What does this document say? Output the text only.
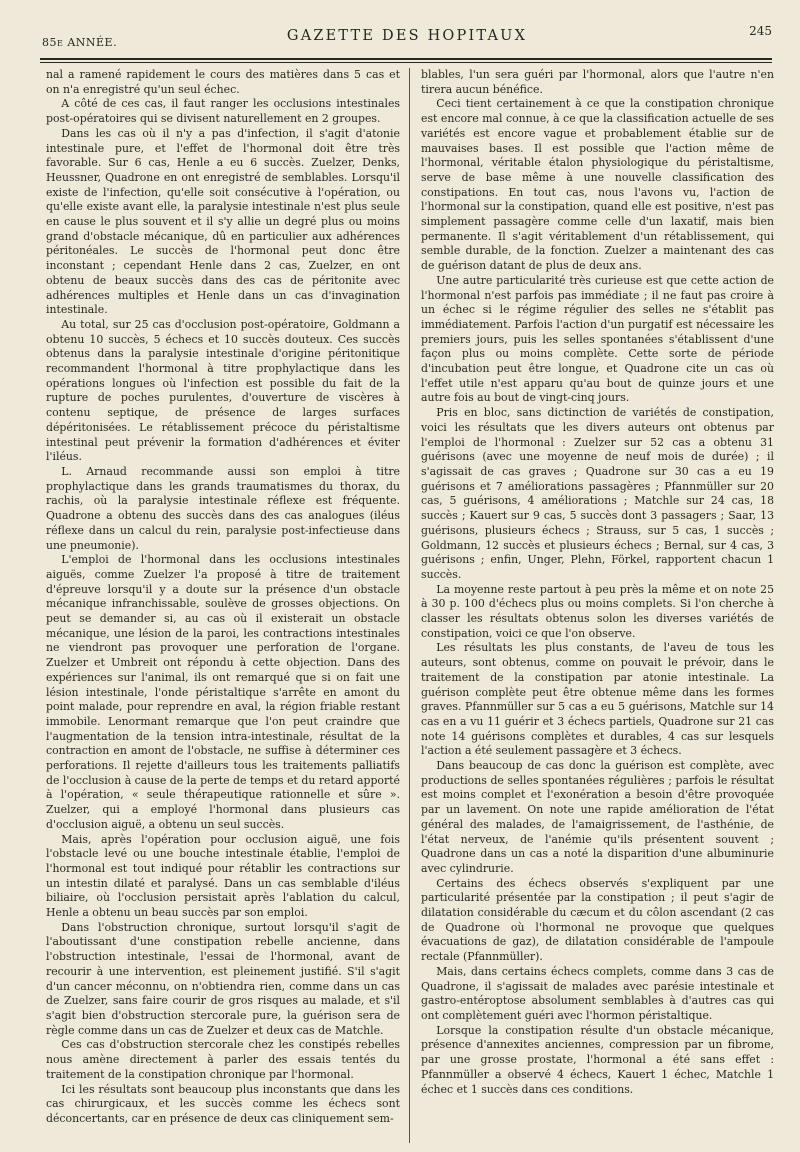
85e ANNÉE.	GAZETTE DES HOPITAUX	245

nal a ramené rapidement le cours des matières dans 5 cas et on n'a enregistré qu'un seul échec.

A côté de ces cas, il faut ranger les occlusions intestinales post-opératoires qui se divisent naturellement en 2 groupes.

Dans les cas où il n'y a pas d'infection, il s'agit d'atonie intestinale pure, et l'effet de l'hormonal doit être très favorable. Sur 6 cas, Henle a eu 6 succès. Zuelzer, Denks, Heussner, Quadrone en ont enregistré de semblables. Lorsqu'il existe de l'infection, qu'elle soit consécutive à l'opération, ou qu'elle existe avant elle, la paralysie intestinale n'est plus seule en cause le plus souvent et il s'y allie un degré plus ou moins grand d'obstacle mécanique, dû en particulier aux adhérences péritonéales. Le succès de l'hormonal peut donc être inconstant ; cependant Henle dans 2 cas, Zuelzer, en ont obtenu de beaux succès dans des cas de péritonite avec adhérences multiples et Henle dans un cas d'invagination intestinale.

Au total, sur 25 cas d'occlusion post-opératoire, Goldmann a obtenu 10 succès, 5 échecs et 10 succès douteux. Ces succès obtenus dans la paralysie intestinale d'origine péritonitique recommandent l'hormonal à titre prophylactique dans les opérations longues où l'infection est possible du fait de la rupture de poches purulentes, d'ouverture de viscères à contenu septique, de présence de larges surfaces dépéritonisées. Le rétablissement précoce du péristaltisme intestinal peut prévenir la formation d'adhérences et éviter l'iléus.

L. Arnaud recommande aussi son emploi à titre prophylactique dans les grands traumatismes du thorax, du rachis, où la paralysie intestinale réflexe est fréquente. Quadrone a obtenu des succès dans des cas analogues (iléus réflexe dans un calcul du rein, paralysie post-infectieuse dans une pneumonie).

L'emploi de l'hormonal dans les occlusions intestinales aiguës, comme Zuelzer l'a proposé à titre de traitement d'épreuve lorsqu'il y a doute sur la présence d'un obstacle mécanique infranchissable, soulève de grosses objections. On peut se demander si, au cas où il existerait un obstacle mécanique, une lésion de la paroi, les contractions intestinales ne viendront pas provoquer une perforation de l'organe. Zuelzer et Umbreit ont répondu à cette objection. Dans des expériences sur l'animal, ils ont remarqué que si on fait une lésion intestinale, l'onde péristaltique s'arrête en amont du point malade, pour reprendre en aval, la région friable restant immobile. Lenormant remarque que l'on peut craindre que l'augmentation de la tension intra-intestinale, résultat de la contraction en amont de l'obstacle, ne suffise à déterminer ces perforations. Il rejette d'ailleurs tous les traitements palliatifs de l'occlusion à cause de la perte de temps et du retard apporté à l'opération, « seule thérapeutique rationnelle et sûre ». Zuelzer, qui a employé l'hormonal dans plusieurs cas d'occlusion aiguë, a obtenu un seul succès.

Mais, après l'opération pour occlusion aiguë, une fois l'obstacle levé ou une bouche intestinale établie, l'emploi de l'hormonal est tout indiqué pour rétablir les contractions sur un intestin dilaté et paralysé. Dans un cas semblable d'iléus biliaire, où l'occlusion persistait après l'ablation du calcul, Henle a obtenu un beau succès par son emploi.

Dans l'obstruction chronique, surtout lorsqu'il s'agit de l'aboutissant d'une constipation rebelle ancienne, dans l'obstruction intestinale, l'essai de l'hormonal, avant de recourir à une intervention, est pleinement justifié. S'il s'agit d'un cancer méconnu, on n'obtiendra rien, comme dans un cas de Zuelzer, sans faire courir de gros risques au malade, et s'il s'agit bien d'obstruction stercorale pure, la guérison sera de règle comme dans un cas de Zuelzer et deux cas de Matchle.

Ces cas d'obstruction stercorale chez les constipés rebelles nous amène directement à parler des essais tentés du traitement de la constipation chronique par l'hormonal.

Ici les résultats sont beaucoup plus inconstants que dans les cas chirurgicaux, et les succès comme les échecs sont déconcertants, car en présence de deux cas cliniquement sem-

blables, l'un sera guéri par l'hormonal, alors que l'autre n'en tirera aucun bénéfice.

Ceci tient certainement à ce que la constipation chronique est encore mal connue, à ce que la classification actuelle de ses variétés est encore vague et probablement établie sur de mauvaises bases. Il est possible que l'action même de l'hormonal, véritable étalon physiologique du péristaltisme, serve de base même à une nouvelle classification des constipations. En tout cas, nous l'avons vu, l'action de l'hormonal sur la constipation, quand elle est positive, n'est pas simplement passagère comme celle d'un laxatif, mais bien permanente. Il s'agit véritablement d'un rétablissement, qui semble durable, de la fonction. Zuelzer a maintenant des cas de guérison datant de plus de deux ans.

Une autre particularité très curieuse est que cette action de l'hormonal n'est parfois pas immédiate ; il ne faut pas croire à un échec si le régime régulier des selles ne s'établit pas immédiatement. Parfois l'action d'un purgatif est nécessaire les premiers jours, puis les selles spontanées s'établissent d'une façon plus ou moins complète. Cette sorte de période d'incubation peut être longue, et Quadrone cite un cas où l'effet utile n'est apparu qu'au bout de quinze jours et une autre fois au bout de vingt-cinq jours.

Pris en bloc, sans dictinction de variétés de constipation, voici les résultats que les divers auteurs ont obtenus par l'emploi de l'hormonal : Zuelzer sur 52 cas a obtenu 31 guérisons (avec une moyenne de neuf mois de durée) ; il s'agissait de cas graves ; Quadrone sur 30 cas a eu 19 guérisons et 7 améliorations passagères ; Pfannmüller sur 20 cas, 5 guérisons, 4 améliorations ; Matchle sur 24 cas, 18 succès ; Kauert sur 9 cas, 5 succès dont 3 passagers ; Saar, 13 guérisons, plusieurs échecs ; Strauss, sur 5 cas, 1 succès ; Goldmann, 12 succès et plusieurs échecs ; Bernal, sur 4 cas, 3 guérisons ; enfin, Unger, Plehn, Förkel, rapportent chacun 1 succès.

La moyenne reste partout à peu près la même et on note 25 à 30 p. 100 d'échecs plus ou moins complets. Si l'on cherche à classer les résultats obtenus solon les diverses variétés de constipation, voici ce que l'on observe.

Les résultats les plus constants, de l'aveu de tous les auteurs, sont obtenus, comme on pouvait le prévoir, dans le traitement de la constipation par atonie intestinale. La guérison complète peut être obtenue même dans les formes graves. Pfannmüller sur 5 cas a eu 5 guérisons, Matchle sur 14 cas en a vu 11 guérir et 3 échecs partiels, Quadrone sur 21 cas note 14 guérisons complètes et durables, 4 cas sur lesquels l'action a été seulement passagère et 3 échecs.

Dans beaucoup de cas donc la guérison est complète, avec productions de selles spontanées régulières ; parfois le résultat est moins complet et l'exonération a besoin d'être provoquée par un lavement. On note une rapide amélioration de l'état général des malades, de l'amaigrissement, de l'asthénie, de l'état nerveux, de l'anémie qu'ils présentent souvent ; Quadrone dans un cas a noté la disparition d'une albuminurie avec cylindrurie.

Certains des échecs observés s'expliquent par une particularité présentée par la constipation ; il peut s'agir de dilatation considérable du cæcum et du côlon ascendant (2 cas de Quadrone où l'hormonal ne provoque que quelques évacuations de gaz), de dilatation considérable de l'ampoule rectale (Pfannmüller).

Mais, dans certains échecs complets, comme dans 3 cas de Quadrone, il s'agissait de malades avec parésie intestinale et gastro-entéroptose absolument semblables à d'autres cas qui ont complètement guéri avec l'hormon péristaltique.

Lorsque la constipation résulte d'un obstacle mécanique, présence d'annexites anciennes, compression par un fibrome, par une grosse prostate, l'hormonal a été sans effet : Pfannmüller a observé 4 échecs, Kauert 1 échec, Matchle 1 échec et 1 succès dans ces conditions.
